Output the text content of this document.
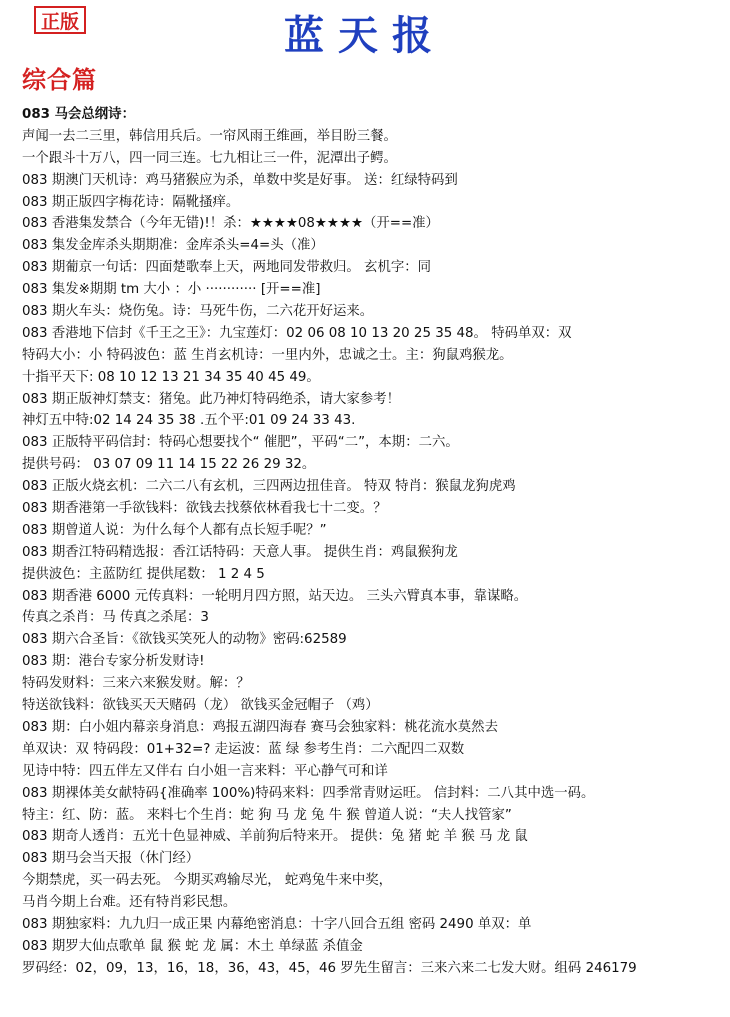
正版	蓝天报
综合篇
083 马会总纲诗：
声闻一去二三里，韩信用兵后。一帘风雨王维画，举目盼三餐。
一个跟斗十万八，四一同三连。七九相让三一件，泥潭出子鳄。
083 期澳门天机诗：鸡马猪猴应为杀，单数中奖是好事。 送：红绿特码到
083 期正版四字梅花诗：隔靴搔痒。
083 香港集发禁合（今年无错)!！杀：★★★★08★★★★（开==准）
083 集发金库杀头期期准：金库杀头=4=头（准）
083 期葡京一句话：四面楚歌奉上天，两地同发带救归。 玄机字：同
083 集发※期期 tm 大小 ：小 ············ [开==准]
083 期火车头：烧伤兔。诗：马死牛伤，二六花开好运来。
083 香港地下信封《千王之王》：九宝莲灯：02 06 08 10 13 20 25 35 48。 特码单双：双
特码大小：小 特码波色：蓝 生肖玄机诗：一里内外，忠诚之士。主：狗鼠鸡猴龙。
十指平天下: 08 10 12 13 21 34 35 40 45 49。
083 期正版神灯禁支：猪兔。此乃神灯特码绝杀，请大家参考！
神灯五中特:02 14 24 35 38 .五个平:01 09 24 33 43.
083 正版特平码信封：特码心想要找个“ 催肥”，平码“二”，本期：二六。
提供号码： 03 07 09 11 14 15 22 26 29 32。
083 正版火烧玄机：二六二八有玄机，三四两边扭佳音。 特双 特肖：猴鼠龙狗虎鸡
083 期香港第一手欲钱料：欲钱去找蔡依林看我七十二变。？
083 期曾道人说：为什么每个人都有点长短手呢？”
083 期香江特码精选报：香江话特码：天意人事。 提供生肖：鸡鼠猴狗龙
提供波色：主蓝防红 提供尾数： 1 2 4 5
083 期香港 6000 元传真料：一轮明月四方照，站天边。 三头六臂真本事，靠谋略。
传真之杀肖：马 传真之杀尾：3
083 期六合圣旨：《欲钱买笑死人的动物》密码:62589
083 期：港台专家分析发财诗!
特码发财料：三来六来猴发财。解：？
特送欲钱料：欲钱买天天赌码（龙） 欲钱买金冠帽子 （鸡）
083 期：白小姐内幕亲身消息：鸡报五湖四海春 赛马会独家料：桃花流水莫然去
单双诀：双 特码段：01+32=? 走运波：蓝 绿 参考生肖：二六配四二双数
见诗中特：四五伴左又伴右 白小姐一言来料：平心静气可和详
083 期裸体美女献特码{准确率 100%)特码来料：四季常青财运旺。 信封料：二八其中选一码。
特主：红、防：蓝。 来料七个生肖：蛇 狗 马 龙 兔 牛 猴 曾道人说：“夫人找管家”
083 期奇人透肖：五光十色显神威、羊前狗后特来开。 提供：兔 猪 蛇 羊 猴 马 龙 鼠
083 期马会当天报（休门经）
今期禁虎，买一码去死。 今期买鸡输尽光， 蛇鸡兔牛来中奖，
马肖今期上台难。还有特肖彩民想。
083 期独家料：九九归一成正果 内幕绝密消息：十字八回合五组 密码 2490 单双：单
083 期罗大仙点歌单 鼠 猴 蛇 龙 属：木土 单绿蓝 杀值金
罗码经：02，09，13，16，18，36，43，45，46 罗先生留言：三来六来二七发大财。组码 246179
